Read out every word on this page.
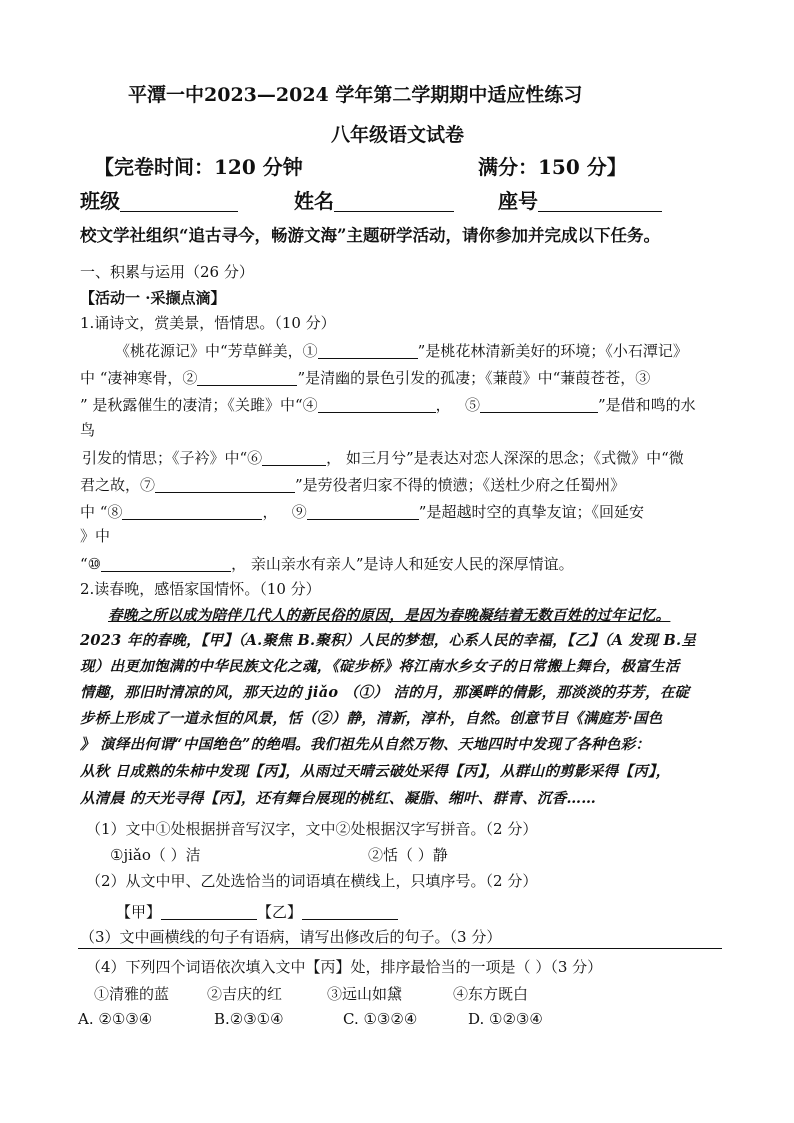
平潭一中2023—2024 学年第二学期期中适应性练习
八年级语文试卷
【完卷时间：120 分钟	满分：150 分】
班级	姓名	座号
校文学社组织“追古寻今，畅游文海”主题研学活动，请你参加并完成以下任务。
一、积累与运用（26 分）
【活动一 ·采撷点滴】
1.诵诗文，赏美景，悟情思。（10 分）
《桃花源记》中“芳草鲜美，①	”是桃花林清新美好的环境；《小石潭记》
中 “凄神寒骨，②	”是清幽的景色引发的孤凄；《蒹葭》中“蒹葭苍苍，③
” 是秋露催生的凄清；《关雎》中“④	， ⑤	”是借和鸣的水
鸟
引发的情思；《子衿》中“⑥	， 如三月兮”是表达对恋人深深的思念；《式微》中“微
君之故，⑦	”是劳役者归家不得的愤懑；《送杜少府之任蜀州》
中 “⑧	， ⑨	”是超越时空的真挚友谊；《回延安
》中
“⑩	， 亲山亲水有亲人”是诗人和延安人民的深厚情谊。
2.读春晚，感悟家国情怀。（10 分）
春晚之所以成为陪伴几代人的新民俗的原因，是因为春晚凝结着无数百姓的过年记忆。
2023 年的春晚，【甲】（A.聚焦 B.聚积）人民的梦想，心系人民的幸福，【乙】（A 发现 B.呈
现）出更加饱满的中华民族文化之魂，《碇步桥》将江南水乡女子的日常搬上舞台，极富生活
情趣，那旧时清凉的风，那天边的 jiǎo （①） 洁的月，那溪畔的倩影，那淡淡的芬芳，在碇
步桥上形成了一道永恒的风景，恬（②）静，清新，淳朴，自然。创意节目《满庭芳·国色
》 演绎出何谓“中国绝色”的绝唱。我们祖先从自然万物、天地四时中发现了各种色彩：
从秋 日成熟的朱柿中发现【丙】，从雨过天晴云破处采得【丙】，从群山的剪影采得【丙】，
从清晨 的天光寻得【丙】，还有舞台展现的桃红、凝脂、缃叶、群青、沉香……
（1）文中①处根据拼音写汉字，文中②处根据汉字写拼音。（2 分）
①jiǎo（ ）洁	②恬（ ）静
（2）从文中甲、乙处选恰当的词语填在横线上，只填序号。（2 分）
【甲】	【乙】
（3）文中画横线的句子有语病，请写出修改后的句子。（3 分）
（4）下列四个词语依次填入文中【丙】处，排序最恰当的一项是（ ）（3 分）
①清雅的蓝	②吉庆的红	③远山如黛	④东方既白
A. ②①③④	B.②③①④	C. ①③②④	D. ①②③④
